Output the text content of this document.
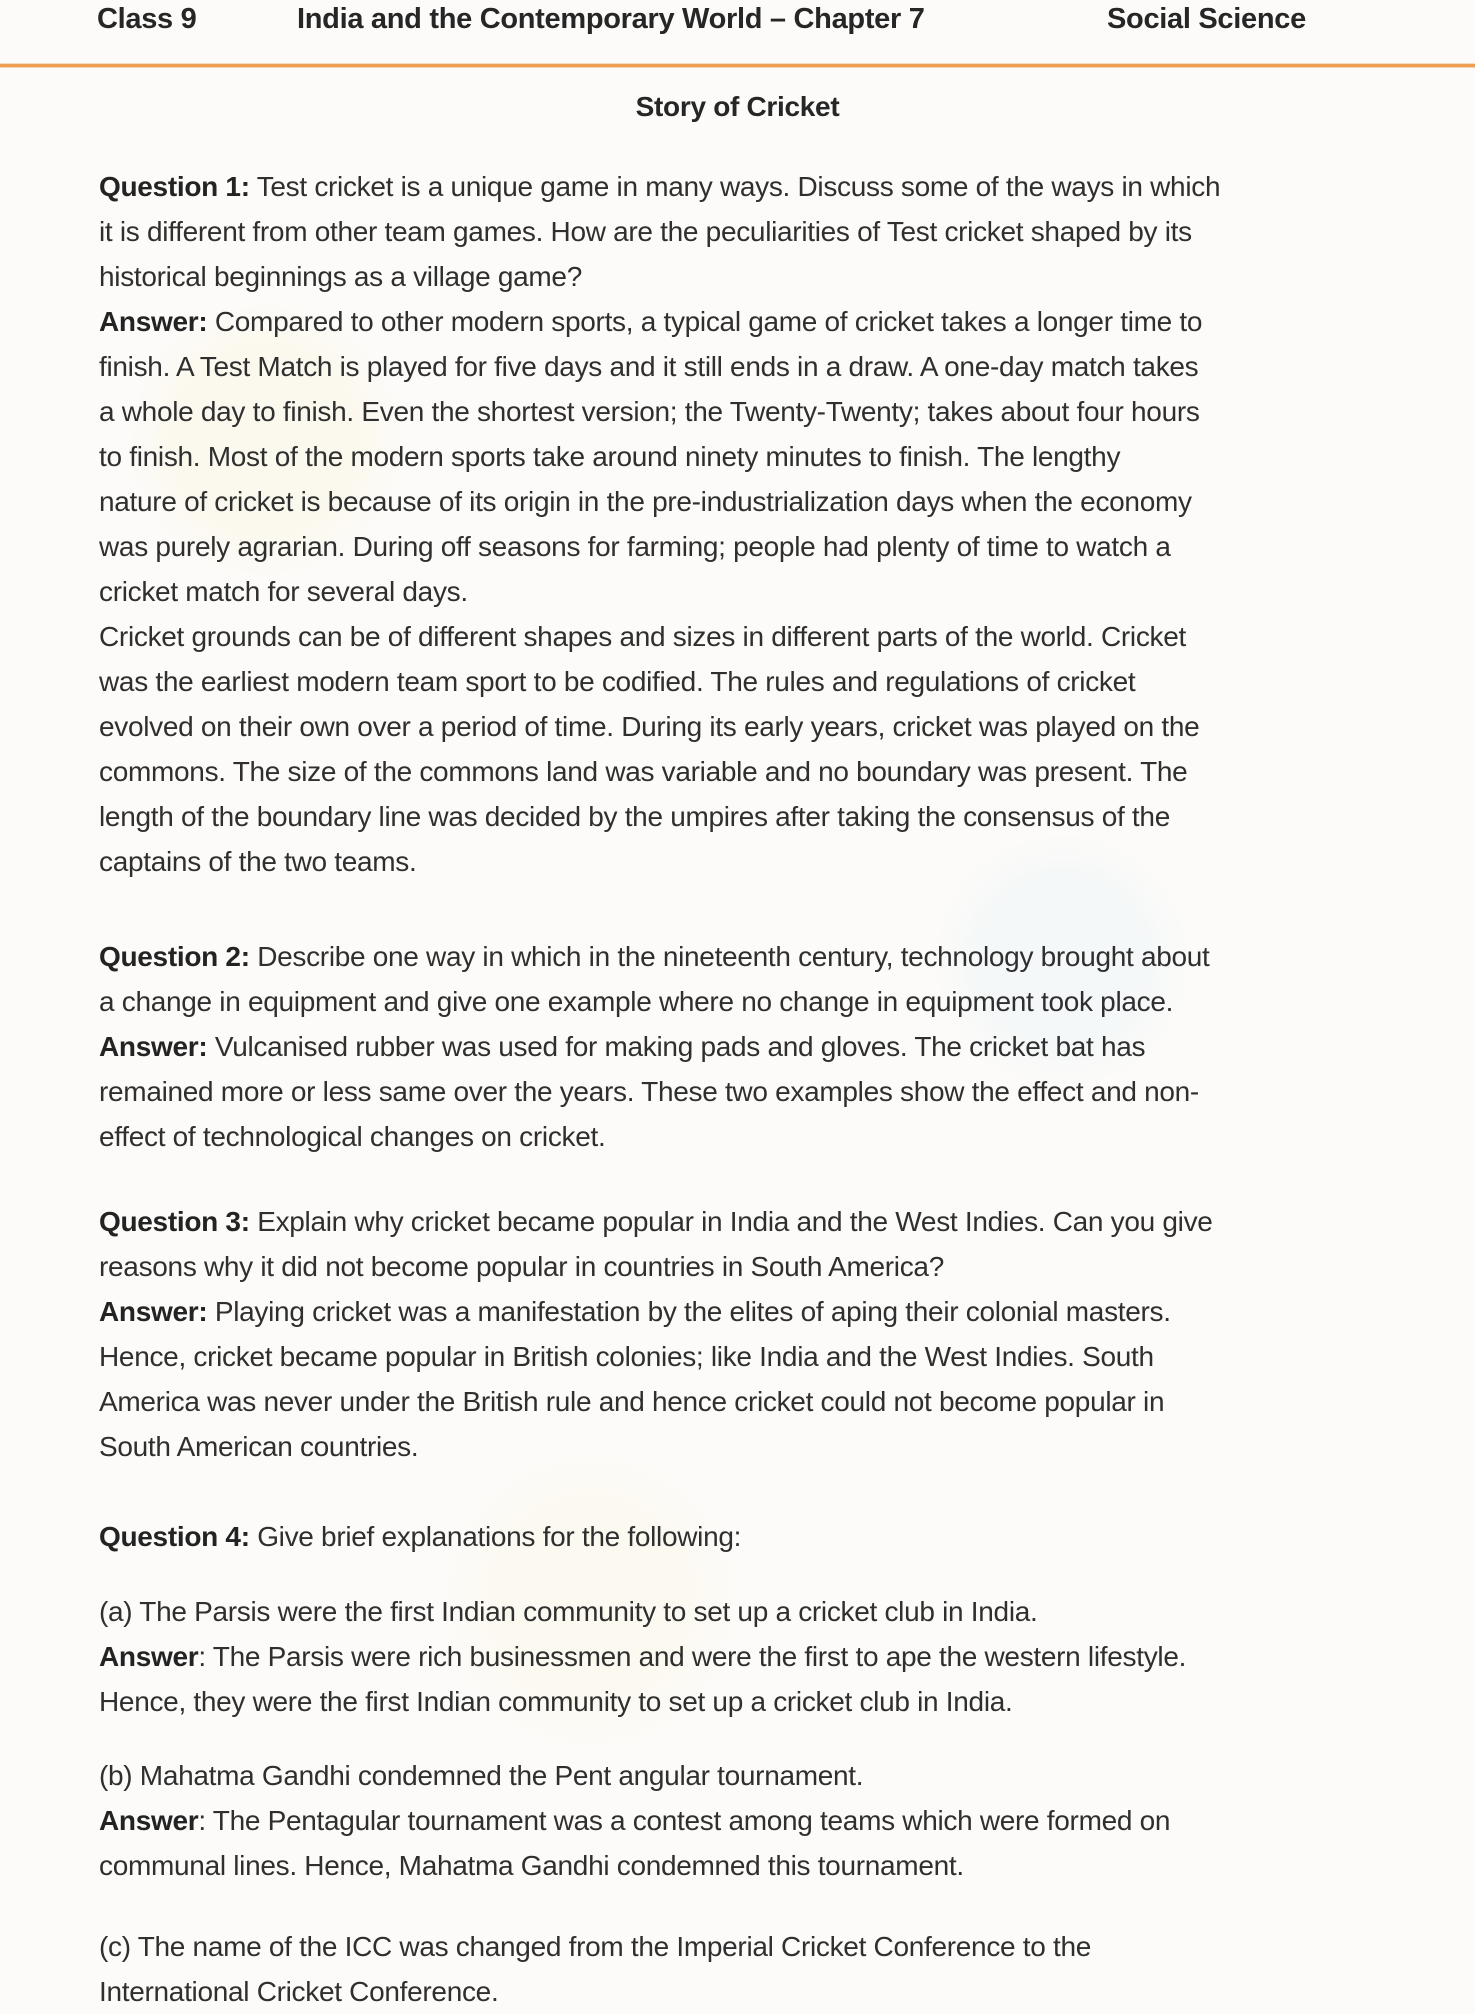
Class 9	India and the Contemporary World – Chapter 7	Social Science
Story of Cricket
Question 1: Test cricket is a unique game in many ways. Discuss some of the ways in which
it is different from other team games. How are the peculiarities of Test cricket shaped by its
historical beginnings as a village game?
Answer: Compared to other modern sports, a typical game of cricket takes a longer time to
finish. A Test Match is played for five days and it still ends in a draw. A one-day match takes
a whole day to finish. Even the shortest version; the Twenty-Twenty; takes about four hours
to finish. Most of the modern sports take around ninety minutes to finish. The lengthy
nature of cricket is because of its origin in the pre-industrialization days when the economy
was purely agrarian. During off seasons for farming; people had plenty of time to watch a
cricket match for several days.
Cricket grounds can be of different shapes and sizes in different parts of the world. Cricket
was the earliest modern team sport to be codified. The rules and regulations of cricket
evolved on their own over a period of time. During its early years, cricket was played on the
commons. The size of the commons land was variable and no boundary was present. The
length of the boundary line was decided by the umpires after taking the consensus of the
captains of the two teams.
Question 2: Describe one way in which in the nineteenth century, technology brought about
a change in equipment and give one example where no change in equipment took place.
Answer: Vulcanised rubber was used for making pads and gloves. The cricket bat has
remained more or less same over the years. These two examples show the effect and non-
effect of technological changes on cricket.
Question 3: Explain why cricket became popular in India and the West Indies. Can you give
reasons why it did not become popular in countries in South America?
Answer: Playing cricket was a manifestation by the elites of aping their colonial masters.
Hence, cricket became popular in British colonies; like India and the West Indies. South
America was never under the British rule and hence cricket could not become popular in
South American countries.
Question 4: Give brief explanations for the following:
(a) The Parsis were the first Indian community to set up a cricket club in India.
Answer: The Parsis were rich businessmen and were the first to ape the western lifestyle.
Hence, they were the first Indian community to set up a cricket club in India.
(b) Mahatma Gandhi condemned the Pent angular tournament.
Answer: The Pentagular tournament was a contest among teams which were formed on
communal lines. Hence, Mahatma Gandhi condemned this tournament.
(c) The name of the ICC was changed from the Imperial Cricket Conference to the
International Cricket Conference.
